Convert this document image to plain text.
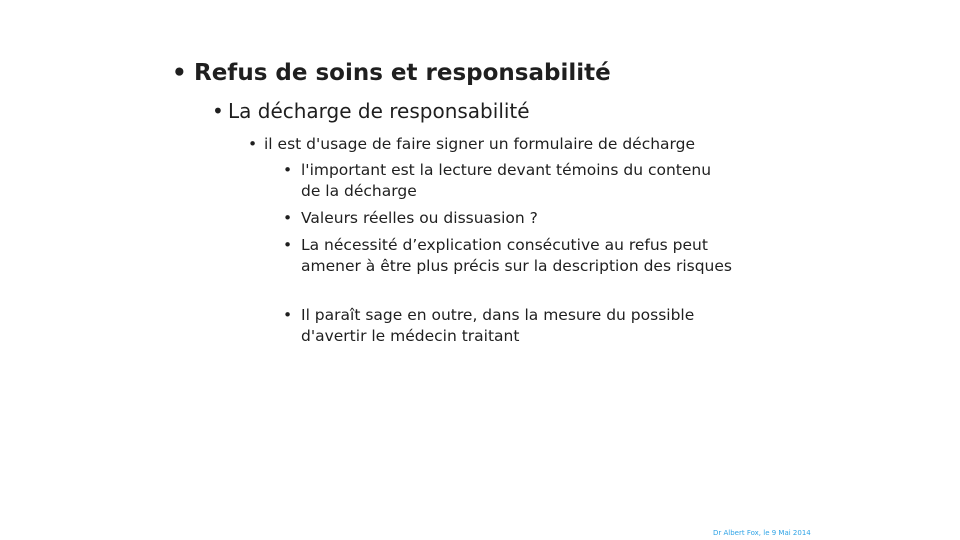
• Refus de soins et responsabilité
• La décharge de responsabilité
• il est d'usage de faire signer un formulaire de décharge
• l'important est la lecture devant témoins du contenu de la décharge
• Valeurs réelles ou dissuasion ?
• La nécessité d’explication consécutive au refus peut amener à être plus précis sur la description des risques
• Il paraît sage en outre, dans la mesure du possible d'avertir le médecin traitant
Dr Albert Fox, le 9 Mai 2014
